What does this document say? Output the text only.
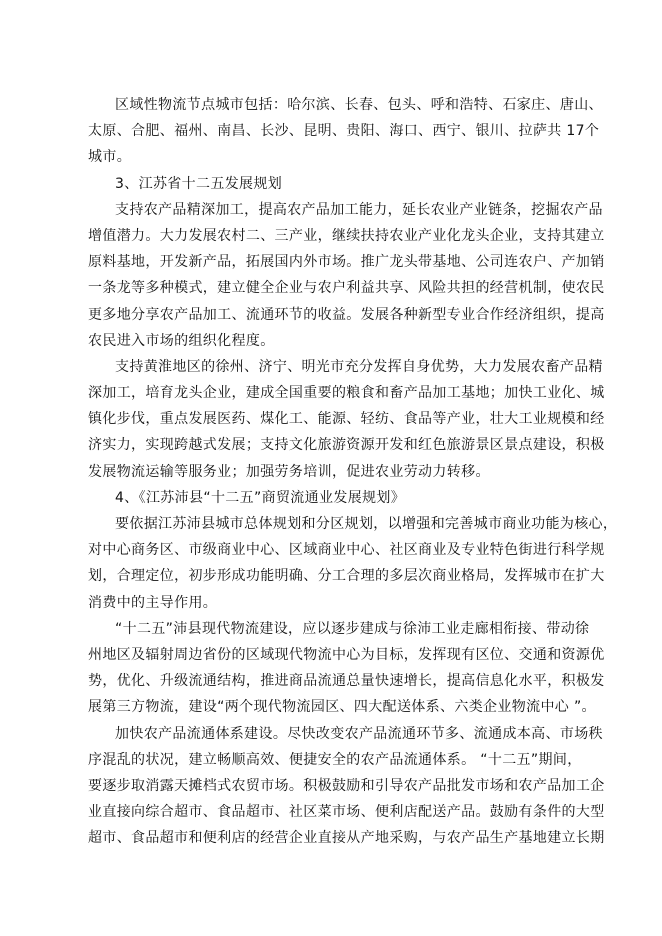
区域性物流节点城市包括：哈尔滨、长春、包头、呼和浩特、石家庄、唐山、
太原、合肥、福州、南昌、长沙、昆明、贵阳、海口、西宁、银川、拉萨共 17个
城市。

3、江苏省十二五发展规划

支持农产品精深加工，提高农产品加工能力，延长农业产业链条，挖掘农产品
增值潜力。大力发展农村二、三产业，继续扶持农业产业化龙头企业，支持其建立
原料基地，开发新产品，拓展国内外市场。推广龙头带基地、公司连农户、产加销
一条龙等多种模式，建立健全企业与农户利益共享、风险共担的经营机制，使农民
更多地分享农产品加工、流通环节的收益。发展各种新型专业合作经济组织，提高
农民进入市场的组织化程度。

支持黄淮地区的徐州、济宁、明光市充分发挥自身优势，大力发展农畜产品精
深加工，培育龙头企业，建成全国重要的粮食和畜产品加工基地；加快工业化、城
镇化步伐，重点发展医药、煤化工、能源、轻纺、食品等产业，壮大工业规模和经
济实力，实现跨越式发展；支持文化旅游资源开发和红色旅游景区景点建设，积极
发展物流运输等服务业；加强劳务培训，促进农业劳动力转移。

4、《江苏沛县“十二五”商贸流通业发展规划》

要依据江苏沛县城市总体规划和分区规划，以增强和完善城市商业功能为核心，
对中心商务区、市级商业中心、区域商业中心、社区商业及专业特色街进行科学规
划，合理定位，初步形成功能明确、分工合理的多层次商业格局，发挥城市在扩大
消费中的主导作用。

“十二五”沛县现代物流建设，应以逐步建成与徐沛工业走廊相衔接、带动徐
州地区及辐射周边省份的区域现代物流中心为目标，发挥现有区位、交通和资源优
势，优化、升级流通结构，推进商品流通总量快速增长，提高信息化水平，积极发
展第三方物流，建设“两个现代物流园区、四大配送体系、六类企业物流中心 ”。

加快农产品流通体系建设。尽快改变农产品流通环节多、流通成本高、市场秩
序混乱的状况，建立畅顺高效、便捷安全的农产品流通体系。 “十二五”期间，
要逐步取消露天摊档式农贸市场。积极鼓励和引导农产品批发市场和农产品加工企
业直接向综合超市、食品超市、社区菜市场、便利店配送产品。鼓励有条件的大型
超市、食品超市和便利店的经营企业直接从产地采购，与农产品生产基地建立长期
